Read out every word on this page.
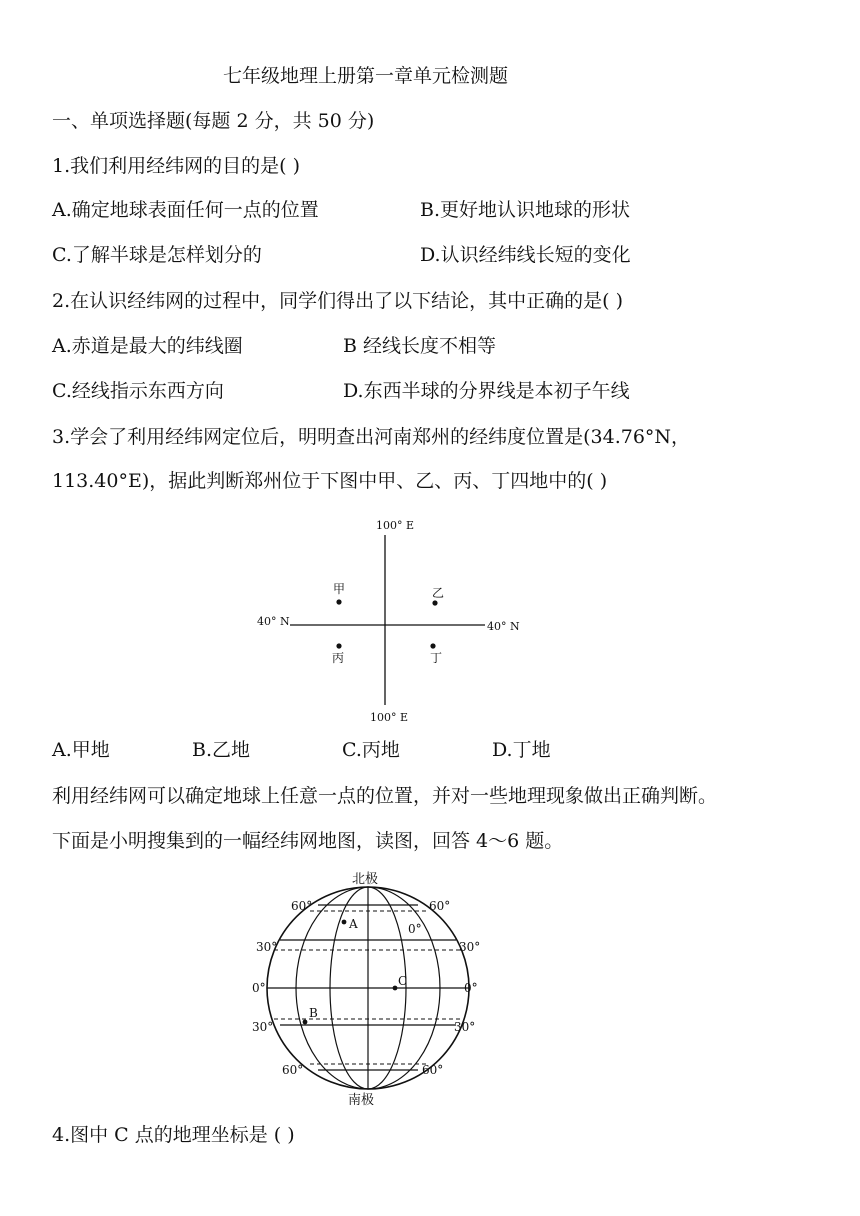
七年级地理上册第一章单元检测题
一、单项选择题(每题 2 分，共 50 分)
1.我们利用经纬网的目的是( )
A.确定地球表面任何一点的位置	B.更好地认识地球的形状
C.了解半球是怎样划分的	D.认识经纬线长短的变化
2.在认识经纬网的过程中，同学们得出了以下结论，其中正确的是( )
A.赤道是最大的纬线圈	B 经线长度不相等
C.经线指示东西方向	D.东西半球的分界线是本初子午线
3.学会了利用经纬网定位后，明明查出河南郑州的经纬度位置是(34.76°N，
113.40°E)，据此判断郑州位于下图中甲、乙、丙、丁四地中的( )
100° E
100° E
40° N	40° N
甲	乙
丙	丁
A.甲地	B.乙地	C.丙地	D.丁地
利用经纬网可以确定地球上任意一点的位置，并对一些地理现象做出正确判断。
下面是小明搜集到的一幅经纬网地图，读图，回答 4～6 题。
北极
南极
60°
30°
0°
30°
60°
60°
30°
0°
30°
60°
0°
A
B
C
4.图中 C 点的地理坐标是 ( )
